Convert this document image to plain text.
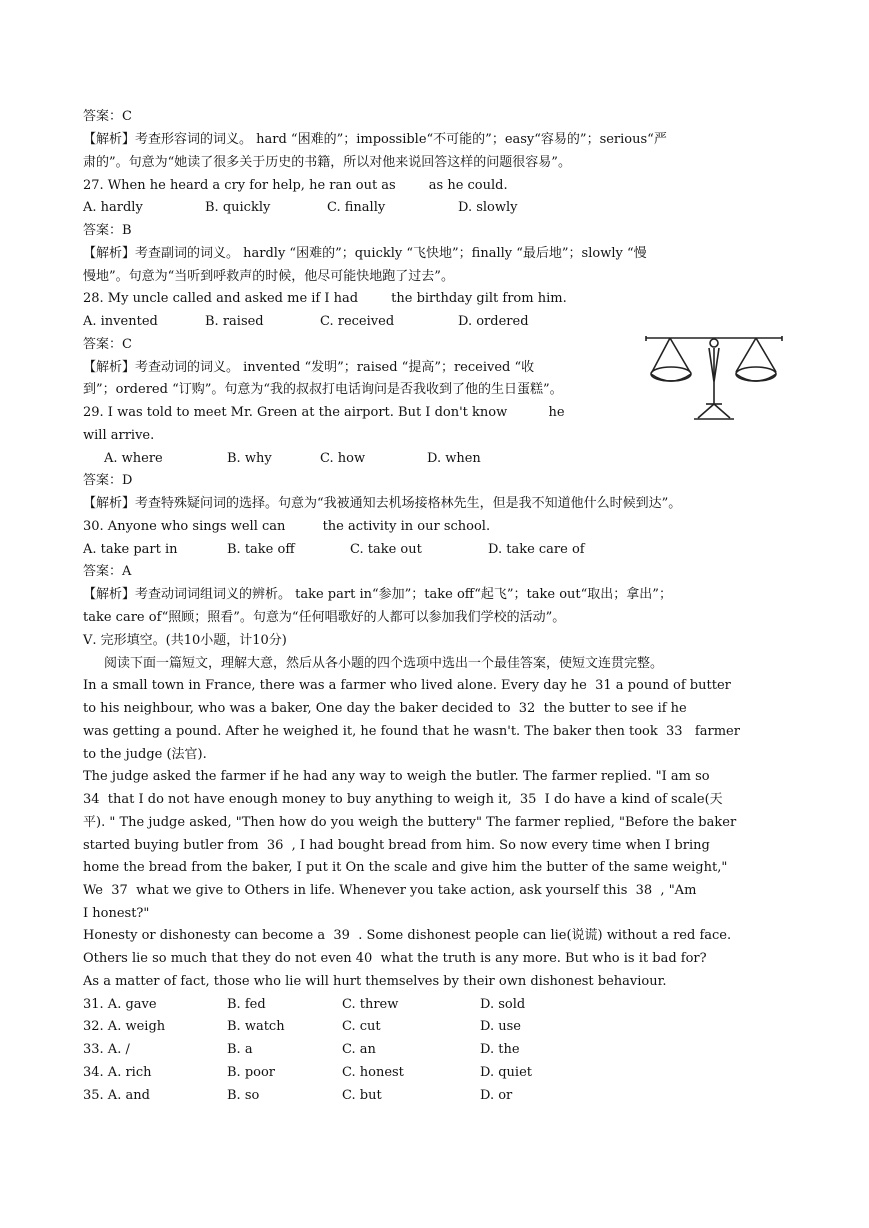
答案：C
【解析】考查形容词的词义。 hard “困难的”；impossible“不可能的”；easy“容易的”；serious“严
肃的”。句意为“她读了很多关于历史的书籍，所以对他来说回答这样的问题很容易”。
27. When he heard a cry for help, he ran out as        as he could.
答案：B
【解析】考查副词的词义。 hardly “困难的”；quickly “飞快地”；finally “最后地”；slowly “慢
慢地”。句意为“当听到呼救声的时候，他尽可能快地跑了过去”。
28. My uncle called and asked me if I had        the birthday gilt from him.
答案：C
【解析】考查动词的词义。 invented “发明”；raised “提高”；received “收
到”；ordered “订购”。句意为“我的叔叔打电话询问是否我收到了他的生日蛋糕”。
29. I was told to meet Mr. Green at the airport. But I don't know          he
will arrive.
答案：D
【解析】考查特殊疑问词的选择。句意为“我被通知去机场接格林先生，但是我不知道他什么时候到达”。
30. Anyone who sings well can         the activity in our school.
答案：A
【解析】考查动词词组词义的辨析。 take part in“参加”；take off“起飞”；take out“取出；拿出”；
take care of“照顾；照看”。句意为“任何唱歌好的人都可以参加我们学校的活动”。
Ⅴ. 完形填空。(共10小题，计10分)
阅读下面一篇短文，理解大意，然后从各小题的四个选项中选出一个最佳答案，使短文连贯完整。
In a small town in France, there was a farmer who lived alone. Every day he  31 a pound of butter
to his neighbour, who was a baker, One day the baker decided to  32  the butter to see if he
was getting a pound. After he weighed it, he found that he wasn't. The baker then took  33   farmer
to the judge (法官).
The judge asked the farmer if he had any way to weigh the butler. The farmer replied. "I am so
34  that I do not have enough money to buy anything to weigh it,  35  I do have a kind of scale(天
平). " The judge asked, "Then how do you weigh the buttery" The farmer replied, "Before the baker
started buying butler from  36  , I had bought bread from him. So now every time when I bring
home the bread from the baker, I put it On the scale and give him the butter of the same weight,"
We  37  what we give to Others in life. Whenever you take action, ask yourself this  38  , "Am
I honest?"
Honesty or dishonesty can become a  39  . Some dishonest people can lie(说谎) without a red face.
Others lie so much that they do not even 40  what the truth is any more. But who is it bad for?
As a matter of fact, those who lie will hurt themselves by their own dishonest behaviour.
A. hardly	B. quickly	C. finally	D. slowly
A. invented	B. raised	C. received	D. ordered
A. where	B. why	C. how	D. when
A. take part in	B. take off	C. take out	D. take care of
31. A. gave	B. fed	C. threw	D. sold
32. A. weigh	B. watch	C. cut	D. use
33. A. /	B. a	C. an	D. the
34. A. rich	B. poor	C. honest	D. quiet
35. A. and	B. so	C. but	D. or
